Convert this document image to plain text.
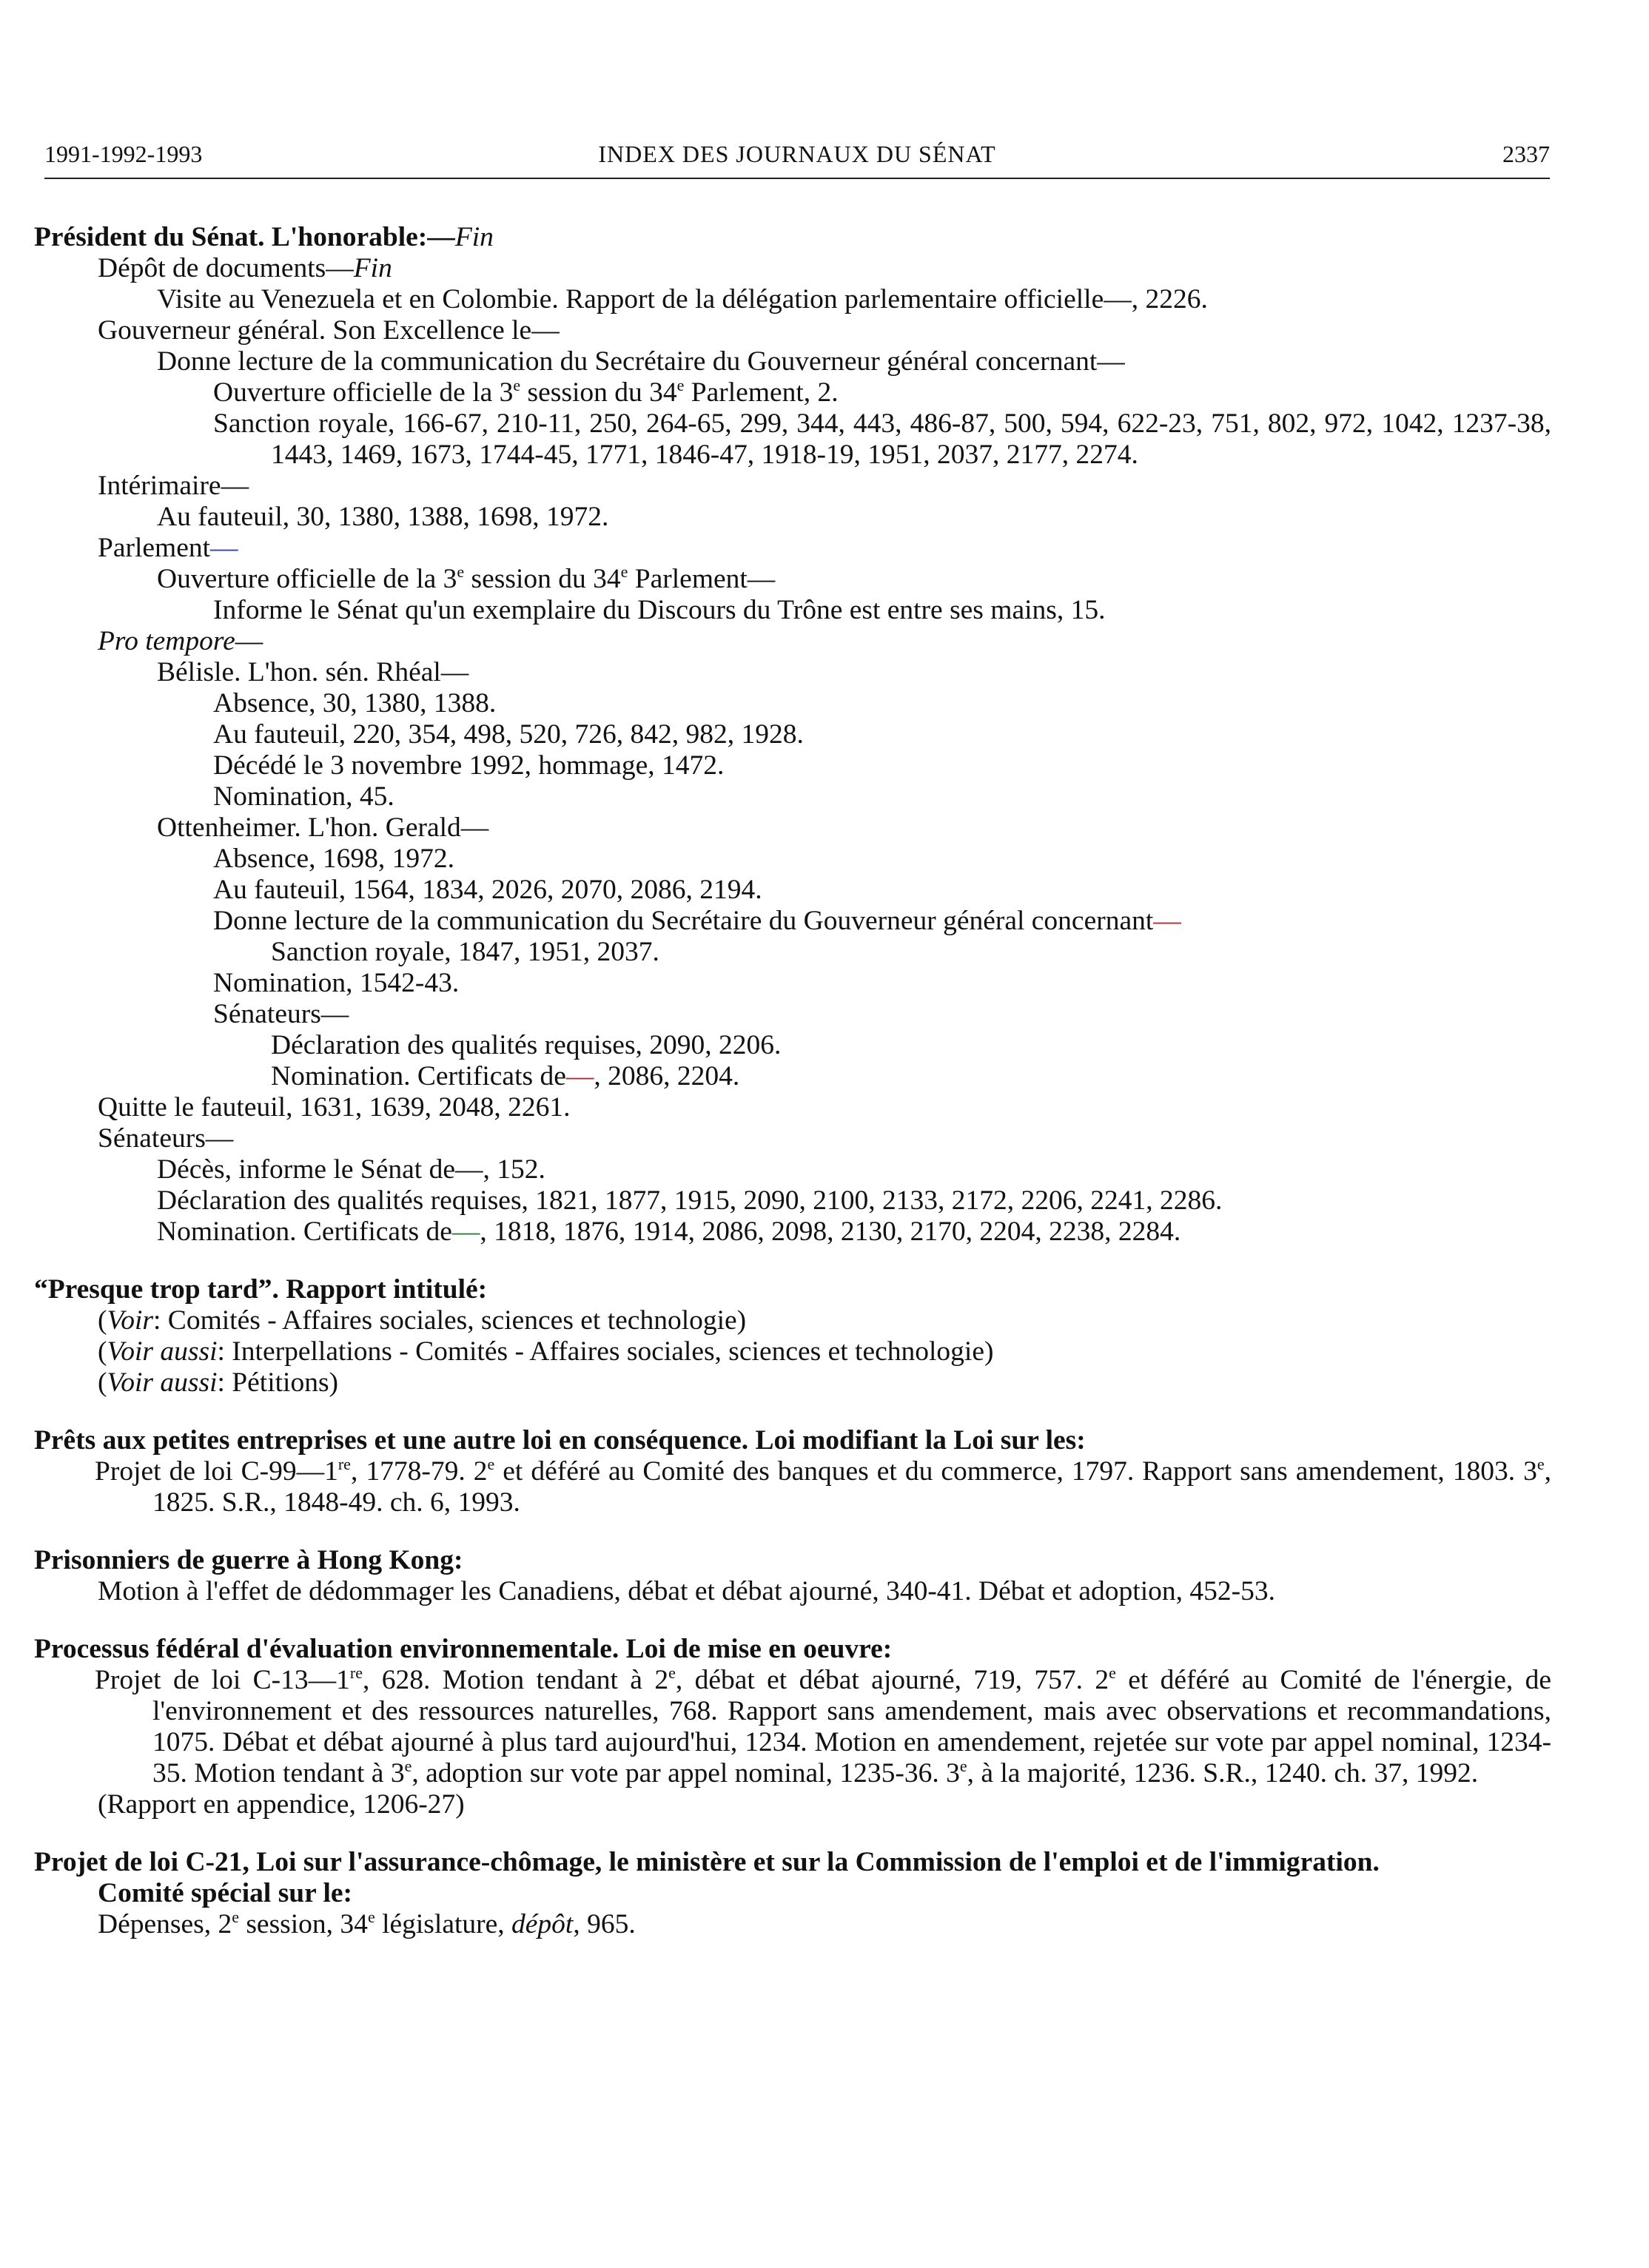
1991-1992-1993	INDEX DES JOURNAUX DU SÉNAT	2337
Président du Sénat. L'honorable:—Fin
Dépôt de documents—Fin
Visite au Venezuela et en Colombie. Rapport de la délégation parlementaire officielle—, 2226.
Gouverneur général. Son Excellence le—
Donne lecture de la communication du Secrétaire du Gouverneur général concernant—
Ouverture officielle de la 3e session du 34e Parlement, 2.
Sanction royale, 166-67, 210-11, 250, 264-65, 299, 344, 443, 486-87, 500, 594, 622-23, 751, 802, 972, 1042, 1237-38, 1443, 1469, 1673, 1744-45, 1771, 1846-47, 1918-19, 1951, 2037, 2177, 2274.
Intérimaire—
Au fauteuil, 30, 1380, 1388, 1698, 1972.
Parlement—
Ouverture officielle de la 3e session du 34e Parlement—
Informe le Sénat qu'un exemplaire du Discours du Trône est entre ses mains, 15.
Pro tempore—
Bélisle. L'hon. sén. Rhéal—
Absence, 30, 1380, 1388.
Au fauteuil, 220, 354, 498, 520, 726, 842, 982, 1928.
Décédé le 3 novembre 1992, hommage, 1472.
Nomination, 45.
Ottenheimer. L'hon. Gerald—
Absence, 1698, 1972.
Au fauteuil, 1564, 1834, 2026, 2070, 2086, 2194.
Donne lecture de la communication du Secrétaire du Gouverneur général concernant—
Sanction royale, 1847, 1951, 2037.
Nomination, 1542-43.
Sénateurs—
Déclaration des qualités requises, 2090, 2206.
Nomination. Certificats de—, 2086, 2204.
Quitte le fauteuil, 1631, 1639, 2048, 2261.
Sénateurs—
Décès, informe le Sénat de—, 152.
Déclaration des qualités requises, 1821, 1877, 1915, 2090, 2100, 2133, 2172, 2206, 2241, 2286.
Nomination. Certificats de—, 1818, 1876, 1914, 2086, 2098, 2130, 2170, 2204, 2238, 2284.
“Presque trop tard”. Rapport intitulé:
(Voir: Comités - Affaires sociales, sciences et technologie)
(Voir aussi: Interpellations - Comités - Affaires sociales, sciences et technologie)
(Voir aussi: Pétitions)
Prêts aux petites entreprises et une autre loi en conséquence. Loi modifiant la Loi sur les:
Projet de loi C-99—1re, 1778-79. 2e et déféré au Comité des banques et du commerce, 1797. Rapport sans amendement, 1803. 3e, 1825. S.R., 1848-49. ch. 6, 1993.
Prisonniers de guerre à Hong Kong:
Motion à l'effet de dédommager les Canadiens, débat et débat ajourné, 340-41. Débat et adoption, 452-53.
Processus fédéral d'évaluation environnementale. Loi de mise en oeuvre:
Projet de loi C-13—1re, 628. Motion tendant à 2e, débat et débat ajourné, 719, 757. 2e et déféré au Comité de l'énergie, de l'environnement et des ressources naturelles, 768. Rapport sans amendement, mais avec observations et recommandations, 1075. Débat et débat ajourné à plus tard aujourd'hui, 1234. Motion en amendement, rejetée sur vote par appel nominal, 1234-35. Motion tendant à 3e, adoption sur vote par appel nominal, 1235-36. 3e, à la majorité, 1236. S.R., 1240. ch. 37, 1992.
(Rapport en appendice, 1206-27)
Projet de loi C-21, Loi sur l'assurance-chômage, le ministère et sur la Commission de l'emploi et de l'immigration.
Comité spécial sur le:
Dépenses, 2e session, 34e législature, dépôt, 965.
